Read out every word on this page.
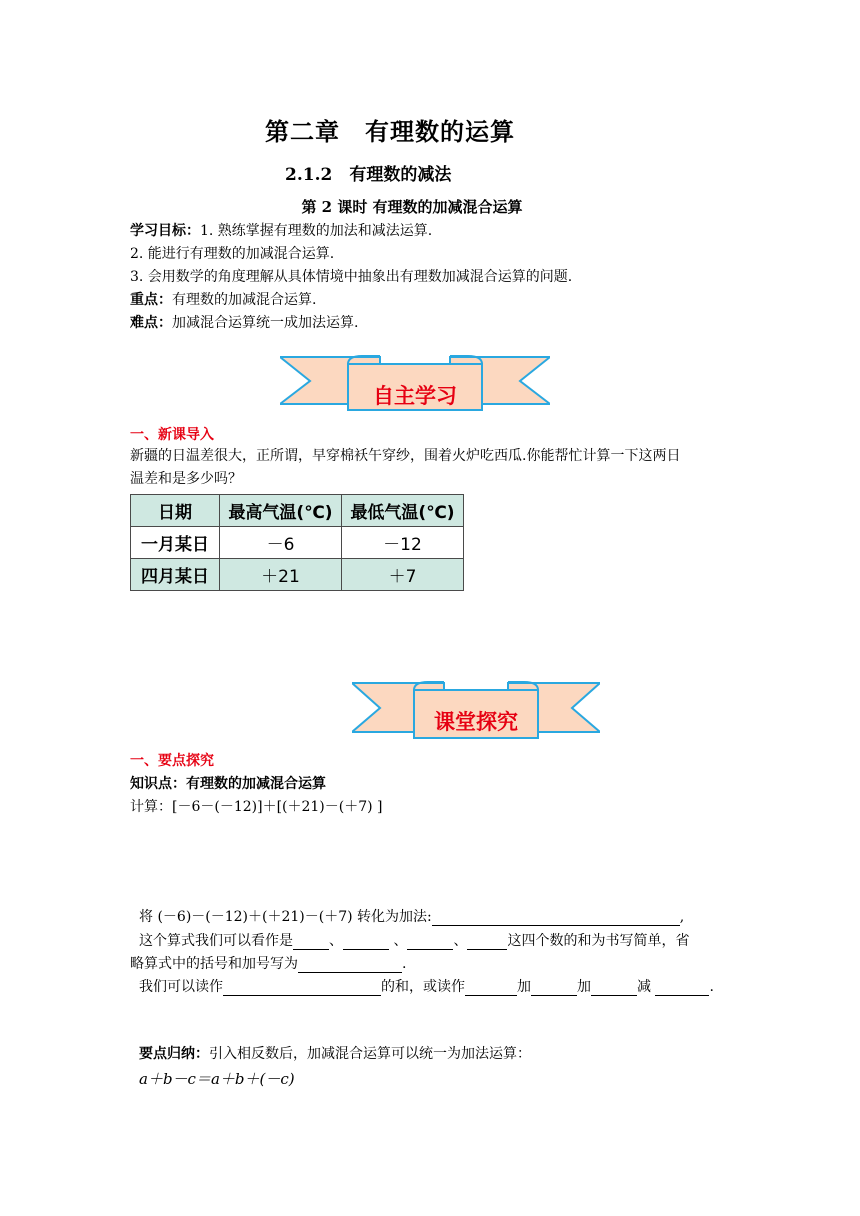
第二章　有理数的运算
2.1.2　有理数的减法
第 2 课时 有理数的加减混合运算
学习目标：1. 熟练掌握有理数的加法和减法运算.
2. 能进行有理数的加减混合运算.
3. 会用数学的角度理解从具体情境中抽象出有理数加减混合运算的问题.
重点：有理数的加减混合运算.
难点：加减混合运算统一成加法运算.
自主学习
一、新课导入
新疆的日温差很大，正所谓，早穿棉袄午穿纱，围着火炉吃西瓜.你能帮忙计算一下这两日
温差和是多少吗？
日期	最高气温(℃)	最低气温(℃)
一月某日	－6	－12
四月某日	＋21	＋7
课堂探究
一、要点探究
知识点：有理数的加减混合运算
计算：[－6－(－12)]＋[(＋21)－(＋7) ]
将 (－6)－(－12)＋(＋21)－(＋7) 转化为加法:	,
这个算式我们可以看作是	、	、	、	这四个数的和为书写简单，省
略算式中的括号和加号写为	.
我们可以读作	的和，或读作	加	加	减	.
要点归纳：引入相反数后，加减混合运算可以统一为加法运算：
a＋b－c＝a＋b＋(－c)
